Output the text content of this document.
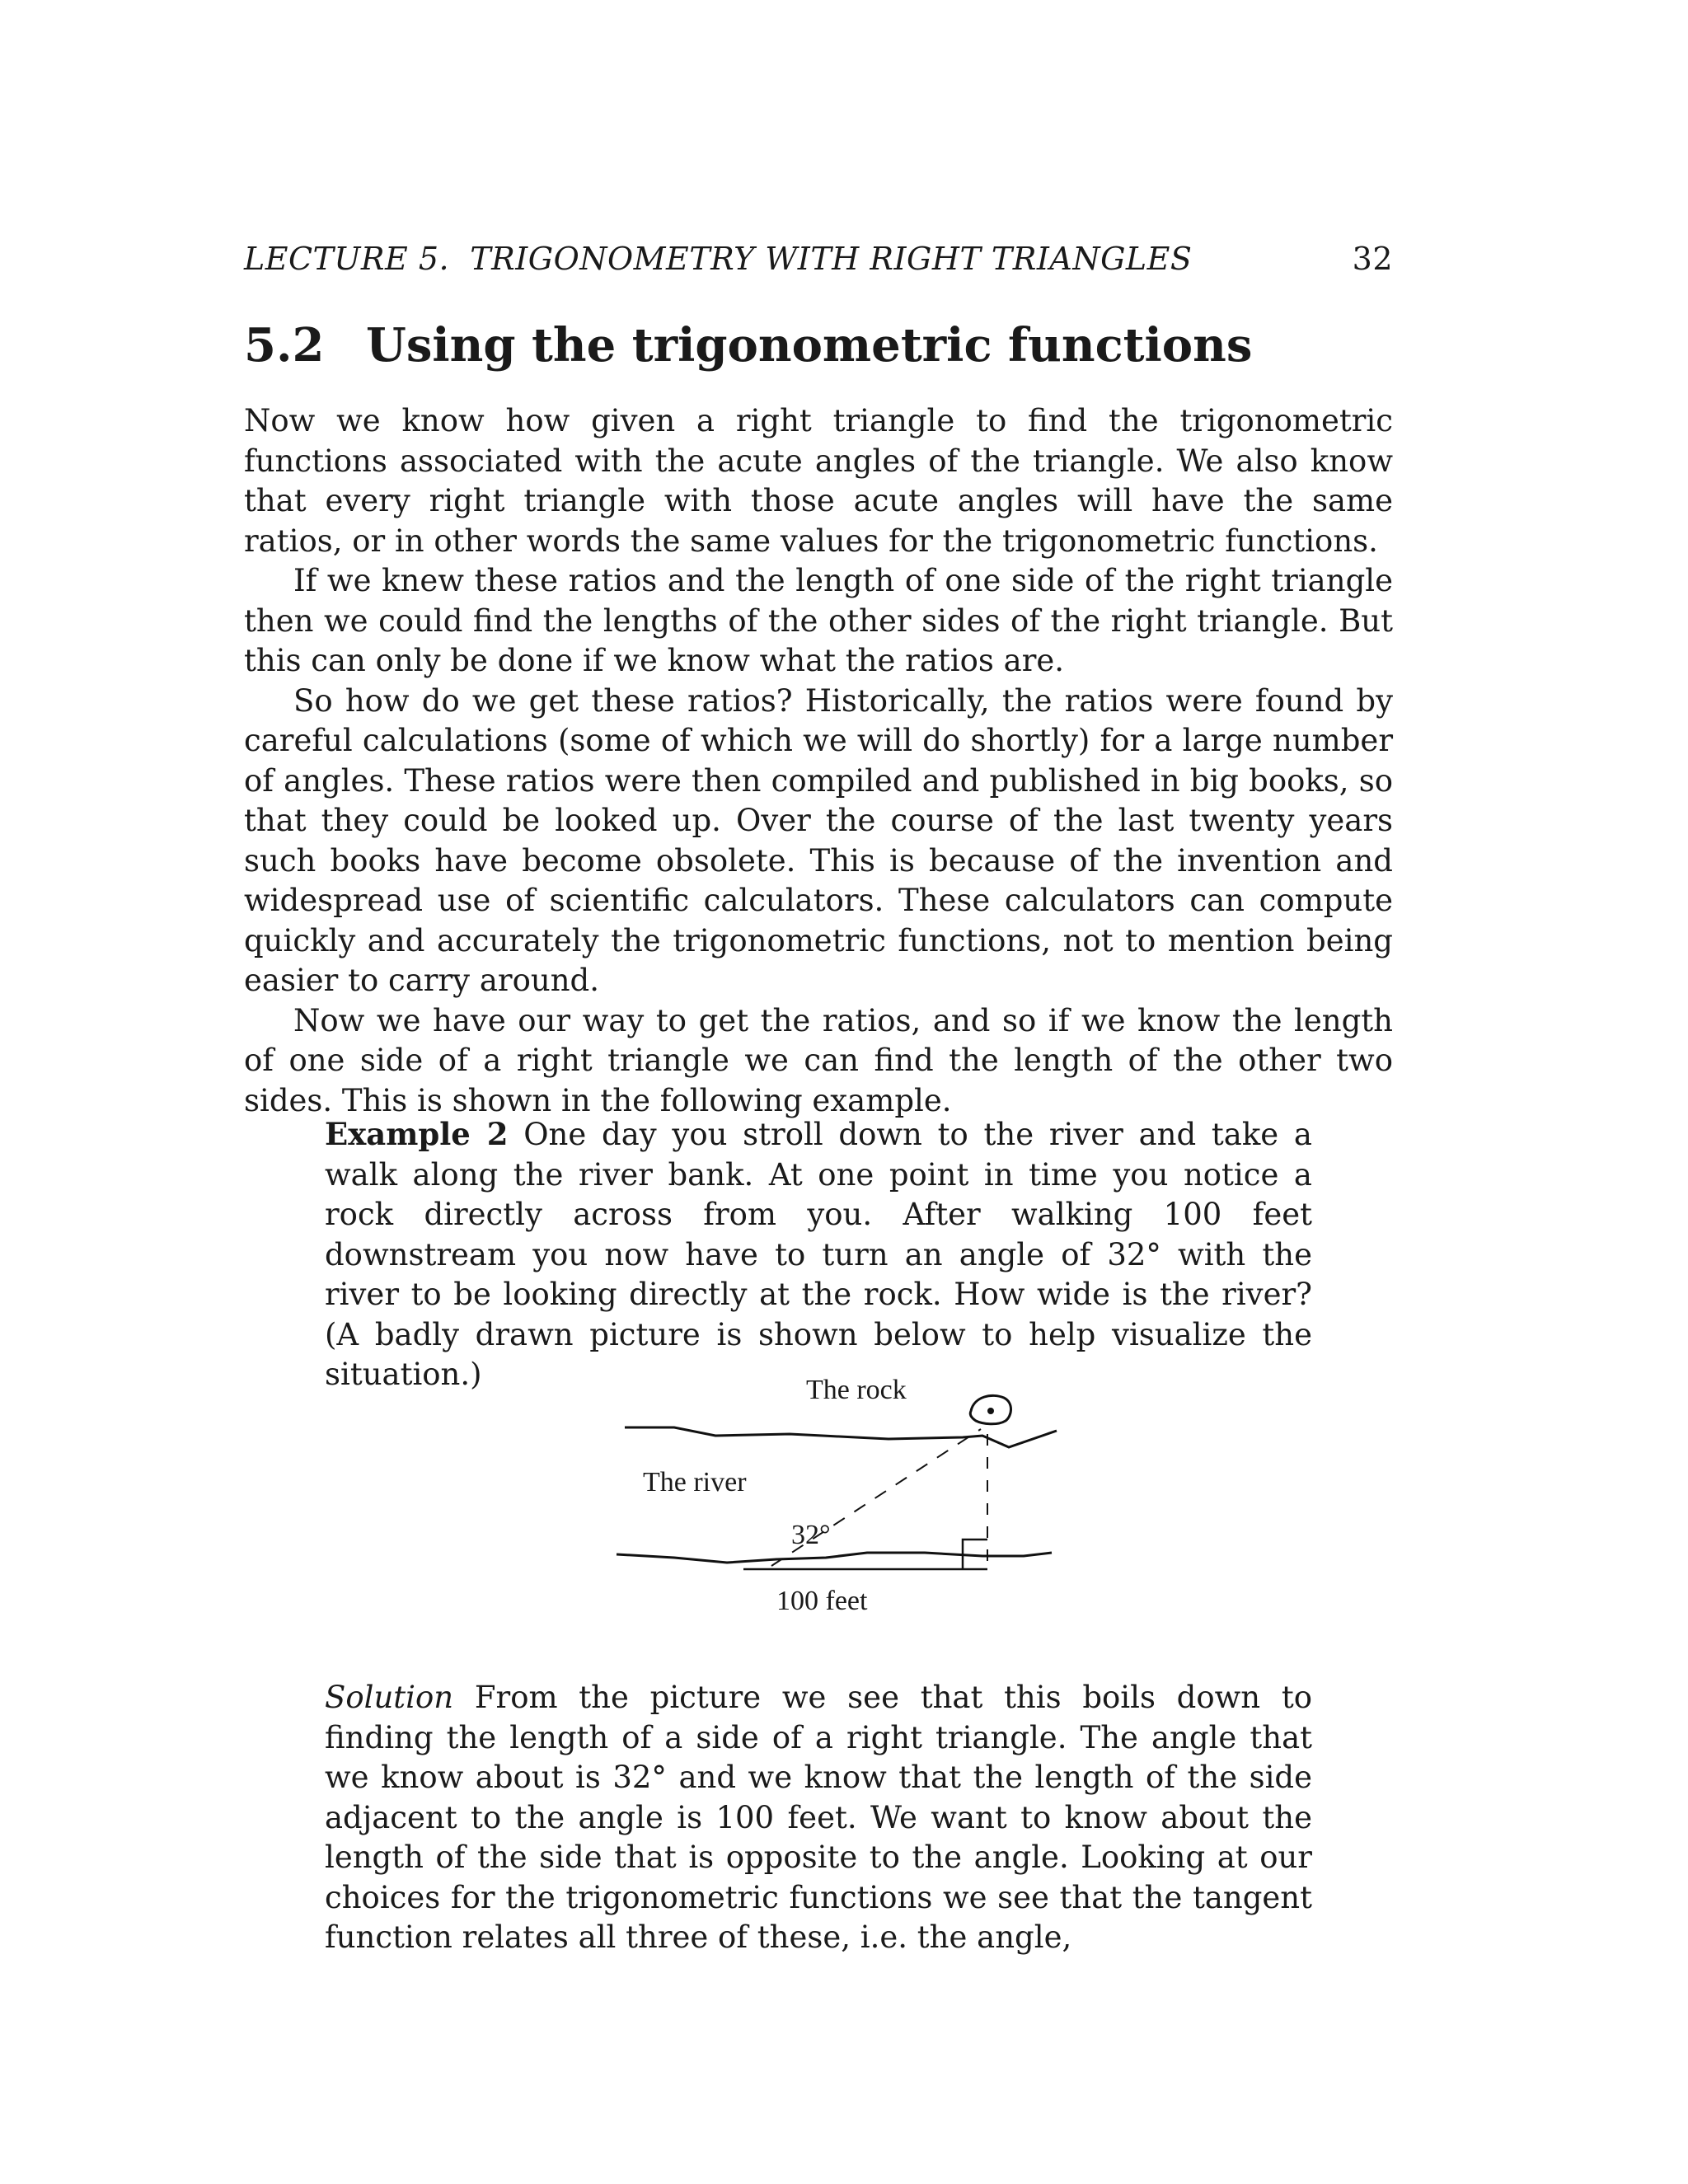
LECTURE 5.  TRIGONOMETRY WITH RIGHT TRIANGLES	32
5.2 Using the trigonometric functions

Now we know how given a right triangle to find the trigonometric functions associated with the acute angles of the triangle. We also know that every right triangle with those acute angles will have the same ratios, or in other words the same values for the trigonometric functions.

If we knew these ratios and the length of one side of the right triangle then we could find the lengths of the other sides of the right triangle. But this can only be done if we know what the ratios are.

So how do we get these ratios? Historically, the ratios were found by careful calculations (some of which we will do shortly) for a large number of angles. These ratios were then compiled and published in big books, so that they could be looked up. Over the course of the last twenty years such books have become obsolete. This is because of the invention and widespread use of scientific calculators. These calculators can compute quickly and accurately the trigonometric functions, not to mention being easier to carry around.

Now we have our way to get the ratios, and so if we know the length of one side of a right triangle we can find the length of the other two sides. This is shown in the following example.

Example 2 One day you stroll down to the river and take a walk along the river bank. At one point in time you notice a rock directly across from you. After walking 100 feet downstream you now have to turn an angle of 32° with the river to be looking directly at the rock. How wide is the river? (A badly drawn picture is shown below to help visualize the situation.)	The rock
The river
32°
100 feet

Solution From the picture we see that this boils down to finding the length of a side of a right triangle. The angle that we know about is 32° and we know that the length of the side adjacent to the angle is 100 feet. We want to know about the length of the side that is opposite to the angle. Looking at our choices for the trigonometric functions we see that the tangent function relates all three of these, i.e. the angle,
